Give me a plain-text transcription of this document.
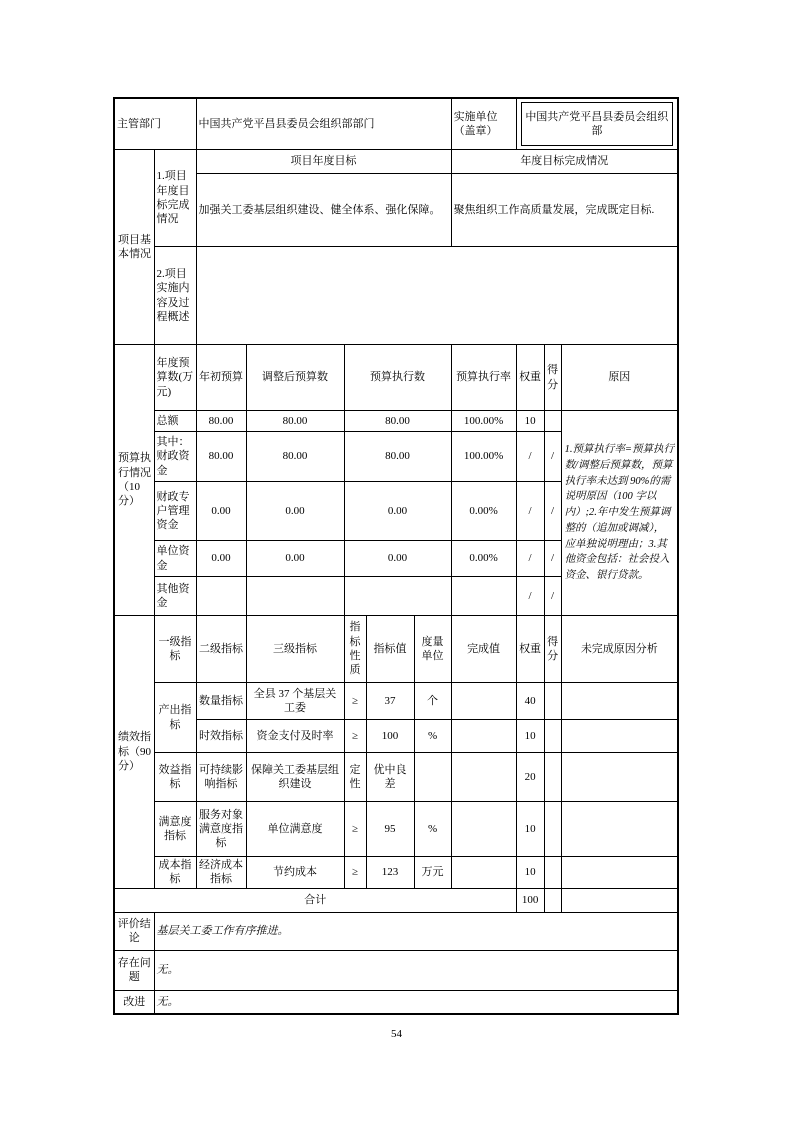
主管部门		中国共产党平昌县委员会组织部部门					实施单位 （盖章）	中国共产党平昌县委员会组织部		

项目基本情况	1.项目年度目标完成情况	项目年度目标					年度目标完成情况			
		加强关工委基层组织建设、健全体系、强化保障。					聚焦组织工作高质量发展，完成既定目标.			
	2.项目实施内容及过程概述									
预算执行情况（10分）	年度预算数(万元)	年初预算	调整后预算数	预算执行数			预算执行率	权重	得分	原因
	总额	80.00	80.00	80.00			100.00%	10		1.预算执行率=预算执行数/调整后预算数，预算执行率未达到 90%的需说明原因（100 字以内）;2.年中发生预算调整的（追加或调减），应单独说明理由；3.其他资金包括：社会投入资金、银行贷款。
	其中：财政资金	80.00	80.00	80.00			100.00%	/	/	
	财政专户管理资金	0.00	0.00	0.00			0.00%	/	/	
	单位资金	0.00	0.00	0.00			0.00%	/	/	
	其他资金							/	/	
绩效指标（90分）	一级指标	二级指标	三级指标	指标性质	指标值	度量单位	完成值	权重	得分	未完成原因分析
	产出指标	数量指标	全县 37 个基层关工委	≥	37	个		40		
		时效指标	资金支付及时率	≥	100	%		10		
	效益指标	可持续影响指标	保障关工委基层组织建设	定性	优中良差			20		
	满意度指标	服务对象满意度指标	单位满意度	≥	95	%		10		
	成本指标	经济成本指标	节约成本	≥	123	万元		10		
合计								100		
评价结论	基层关工委工作有序推进。									
存在问题	无。									
改进	无。									
54
